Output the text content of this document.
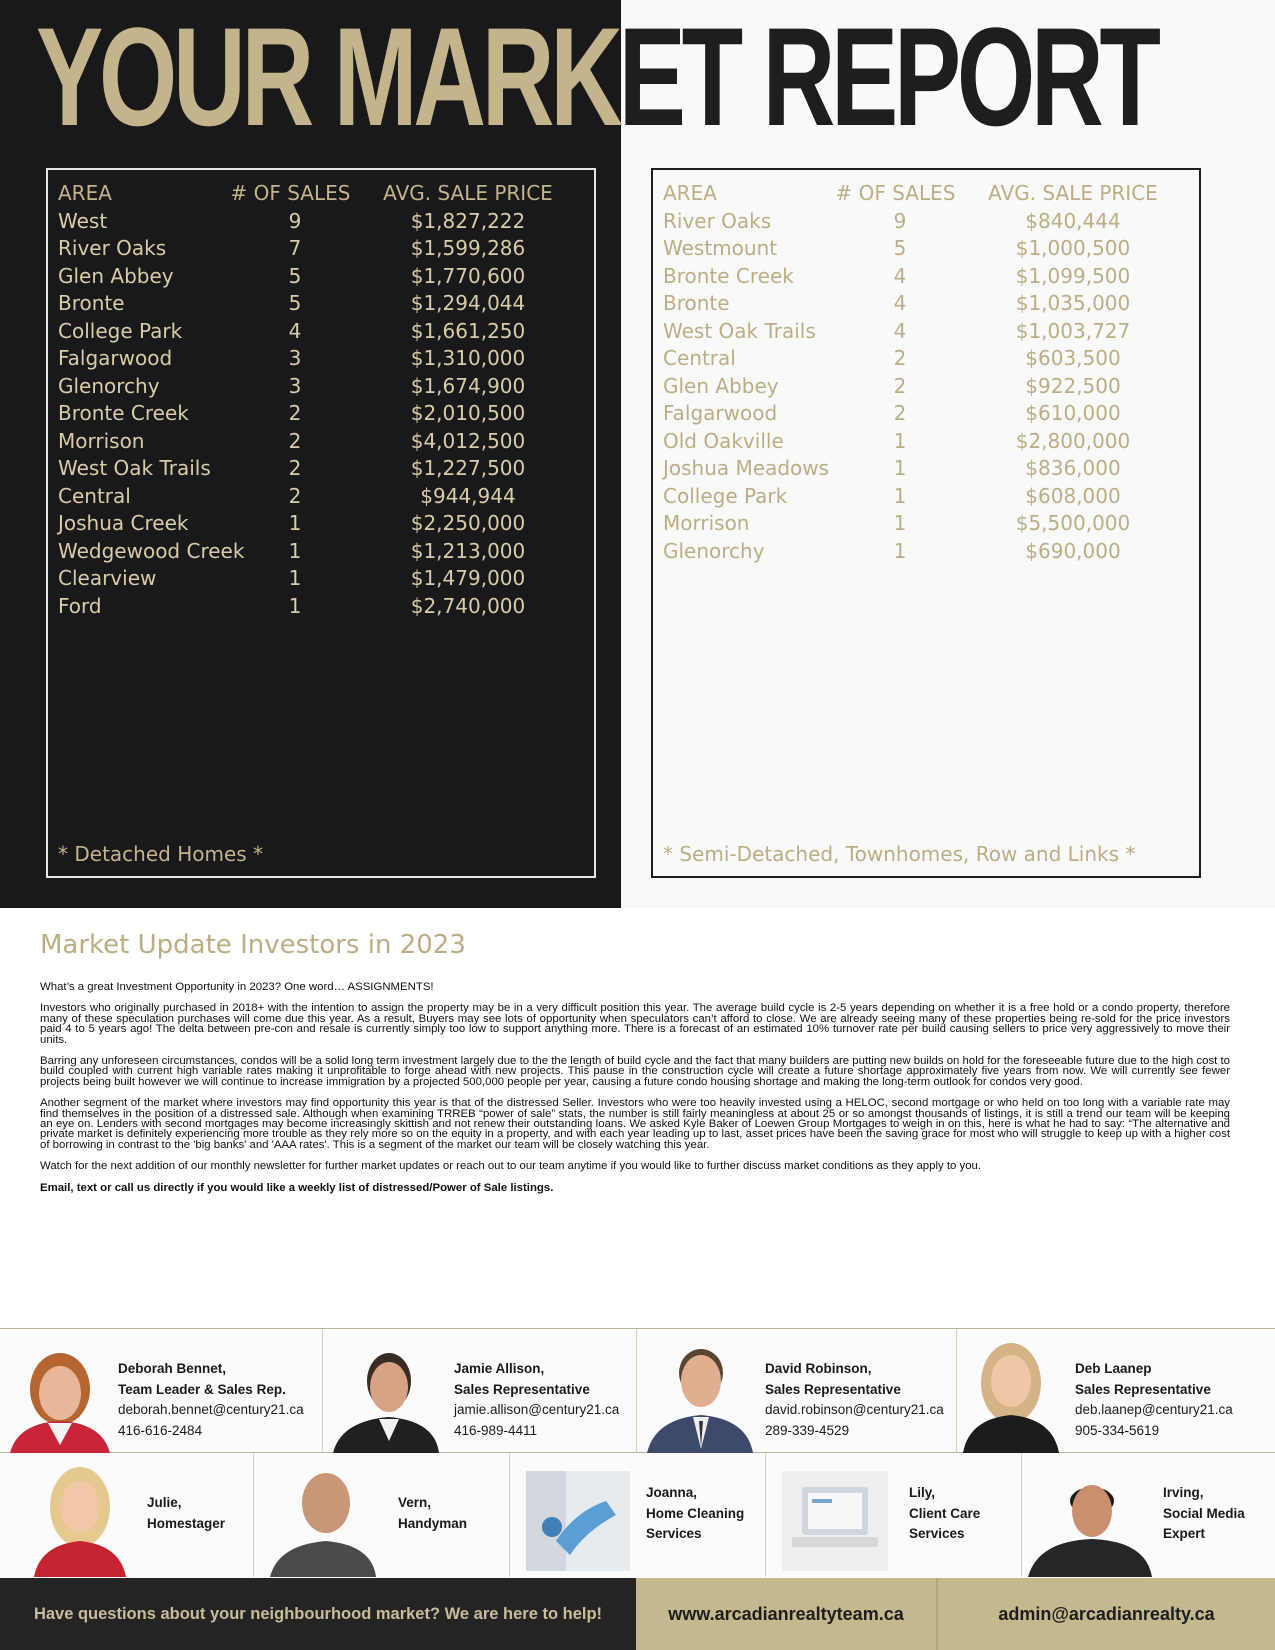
YOUR MARKET REPORT
AREA	# OF SALES AVG. SALE PRICE
West	9	$1,827,222
River Oaks	7	$1,599,286
Glen Abbey	5	$1,770,600
Bronte	5	$1,294,044
College Park	4	$1,661,250
Falgarwood	3	$1,310,000
Glenorchy	3	$1,674,900
Bronte Creek	2	$2,010,500
Morrison	2	$4,012,500
West Oak Trails	2	$1,227,500
Central	2	$944,944
Joshua Creek	1	$2,250,000
Wedgewood Creek	1	$1,213,000
Clearview	1	$1,479,000
Ford	1	$2,740,000
* Detached Homes *
AREA	# OF SALES AVG. SALE PRICE
River Oaks	9	$840,444
Westmount	5	$1,000,500
Bronte Creek	4	$1,099,500
Bronte	4	$1,035,000
West Oak Trails	4	$1,003,727
Central	2	$603,500
Glen Abbey	2	$922,500
Falgarwood	2	$610,000
Old Oakville	1	$2,800,000
Joshua Meadows	1	$836,000
College Park	1	$608,000
Morrison	1	$5,500,000
Glenorchy	1	$690,000
* Semi-Detached, Townhomes, Row and Links *
Market Update Investors in 2023

What’s a great Investment Opportunity in 2023? One word… ASSIGNMENTS!

Investors who originally purchased in 2018+ with the intention to assign the property may be in a very difficult position this year. The average build cycle is 2-5 years depending on whether it is a free hold or a condo property, therefore many of these speculation purchases will come due this year. As a result, Buyers may see lots of opportunity when speculators can’t afford to close. We are already seeing many of these properties being re-sold for the price investors paid 4 to 5 years ago! The delta between pre-con and resale is currently simply too low to support anything more. There is a forecast of an estimated 10% turnover rate per build causing sellers to price very aggressively to move their units.

Barring any unforeseen circumstances, condos will be a solid long term investment largely due to the the length of build cycle and the fact that many builders are putting new builds on hold for the foreseeable future due to the high cost to build coupled with current high variable rates making it unprofitable to forge ahead with new projects. This pause in the construction cycle will create a future shortage approximately five years from now. We will currently see fewer projects being built however we will continue to increase immigration by a projected 500,000 people per year, causing a future condo housing shortage and making the long-term outlook for condos very good.

Another segment of the market where investors may find opportunity this year is that of the distressed Seller. Investors who were too heavily invested using a HELOC, second mortgage or who held on too long with a variable rate may find themselves in the position of a distressed sale. Although when examining TRREB “power of sale” stats, the number is still fairly meaningless at about 25 or so amongst thousands of listings, it is still a trend our team will be keeping an eye on. Lenders with second mortgages may become increasingly skittish and not renew their outstanding loans. We asked Kyle Baker of Loewen Group Mortgages to weigh in on this, here is what he had to say: “The alternative and private market is definitely experiencing more trouble as they rely more so on the equity in a property, and with each year leading up to last, asset prices have been the saving grace for most who will struggle to keep up with a higher cost of borrowing in contrast to the 'big banks' and 'AAA rates'. This is a segment of the market our team will be closely watching this year.

Watch for the next addition of our monthly newsletter for further market updates or reach out to our team anytime if you would like to further discuss market conditions as they apply to you.

Email, text or call us directly if you would like a weekly list of distressed/Power of Sale listings.

Deborah Bennet,
Team Leader & Sales Rep.
deborah.bennet@century21.ca
416-616-2484
Jamie Allison,
Sales Representative
jamie.allison@century21.ca
416-989-4411
David Robinson,
Sales Representative
david.robinson@century21.ca
289-339-4529
Deb Laanep
Sales Representative
deb.laanep@century21.ca
905-334-5619
Julie,
Homestager
Vern,
Handyman
Joanna,
Home Cleaning
Services
Lily,
Client Care
Services
Irving,
Social Media
Expert
Have questions about your neighbourhood market? We are here to help!	www.arcadianrealtyteam.ca	admin@arcadianrealty.ca
